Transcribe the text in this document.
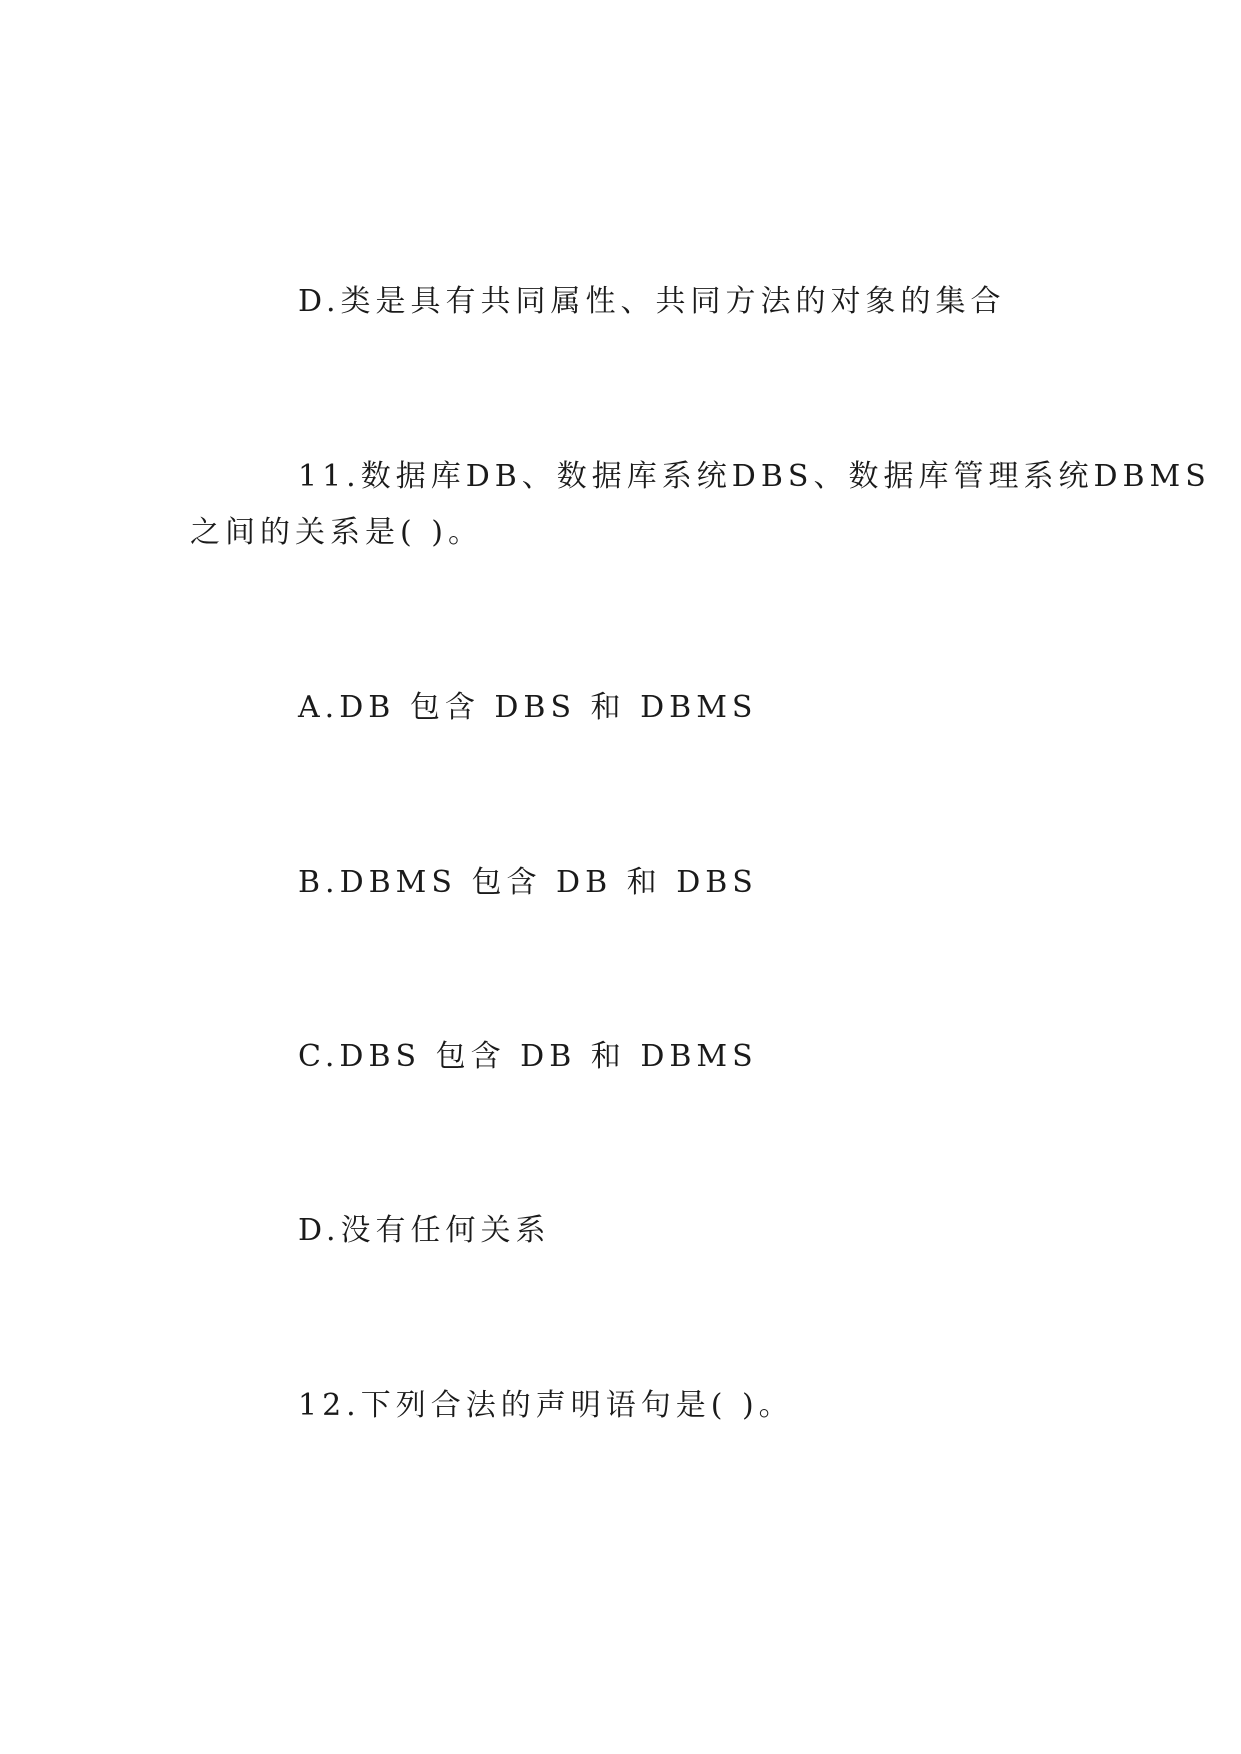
D.类是具有共同属性、共同方法的对象的集合

11.数据库DB、数据库系统DBS、数据库管理系统DBMS

之间的关系是( )。

A.DB 包含 DBS 和 DBMS

B.DBMS 包含 DB 和 DBS

C.DBS 包含 DB 和 DBMS

D.没有任何关系

12.下列合法的声明语句是( )。
